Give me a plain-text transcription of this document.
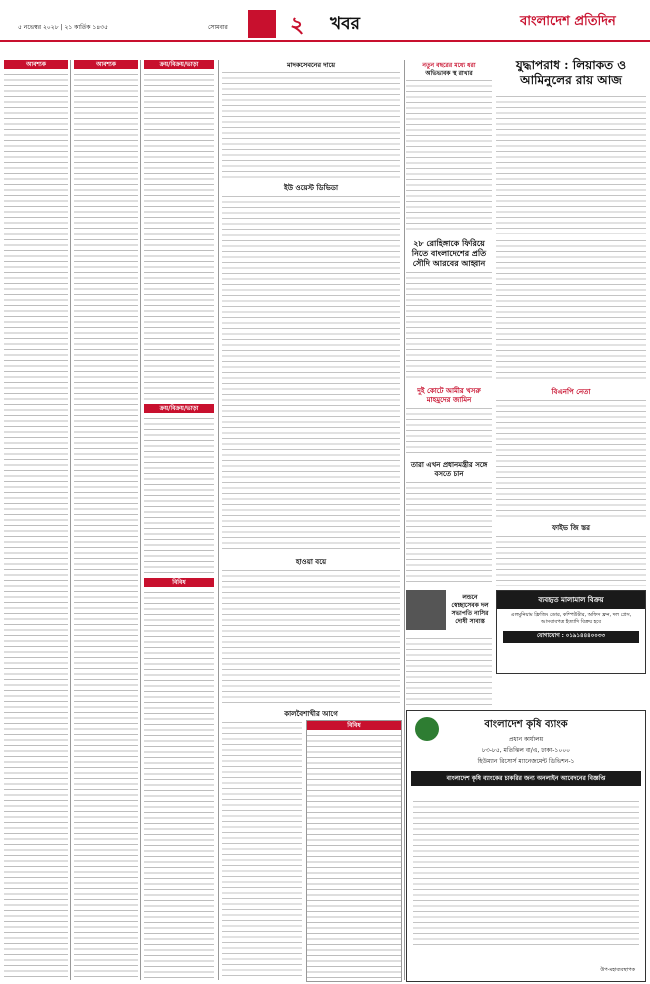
৫ নভেম্বর ২০২৮ | ২১ কার্তিক ১৪৩৫	সোমবার	২ খবর	বাংলাদেশ প্রতিদিন
আবশ্যক	আবশ্যক	ক্রয়/বিক্রয়/ভাড়া
ক্রয়/বিক্রয়/ভাড়া
বিবিধ
মাদকসেবনের দায়ে
ইউ ওয়েস্ট ডিভিডা
হাওয়া বয়ে
কালবৈশাখীর আগে
বিবিধ
নতুন বছরের মধ্যে ধরা
অভিভাবক স্থ রাখার
যুদ্ধাপরাধ : লিয়াকত ও আমিনুলের রায় আজ
২৮ রোহিঙ্গাকে ফিরিয়ে নিতে বাংলাদেশের প্রতি সৌদি আরবের আহ্বান
দুই কোটে আমীর খসরু মাহমুদের জামিন
তারা এখন প্রধানমন্ত্রীর সঙ্গে বসতে চান
বিএনপি নেতা
ফাইভ জি স্তর
লন্ডনে স্বেচ্ছাসেবক দল সভাপতি নাসির দোষী সাব্যস্ত
ব্যবহৃত মালামাল বিক্রয়
এলমুনিয়াম ফ্রিজিং ডোর, কম্পিউটার, অফিস ফ্রন, দল প্রেস, আসবাবপত্র ইত্যাদি বিক্রয় হবে
যোগাযোগ : ০১৯১৪৪৪০০৩৩
বাংলাদেশ কৃষি ব্যাংক
প্রধান কার্যালয়
৮৩-৮৫, মতিঝিল বা/এ, ঢাকা-১০০০
হিউম্যান রিসোর্স ম্যানেজমেন্ট ডিভিশন-১
বাংলাদেশ কৃষি ব্যাংকের চাকরির জন্য অনলাইন আবেদনের বিজ্ঞপ্তি
উপ-মহাব্যবস্থাপক
